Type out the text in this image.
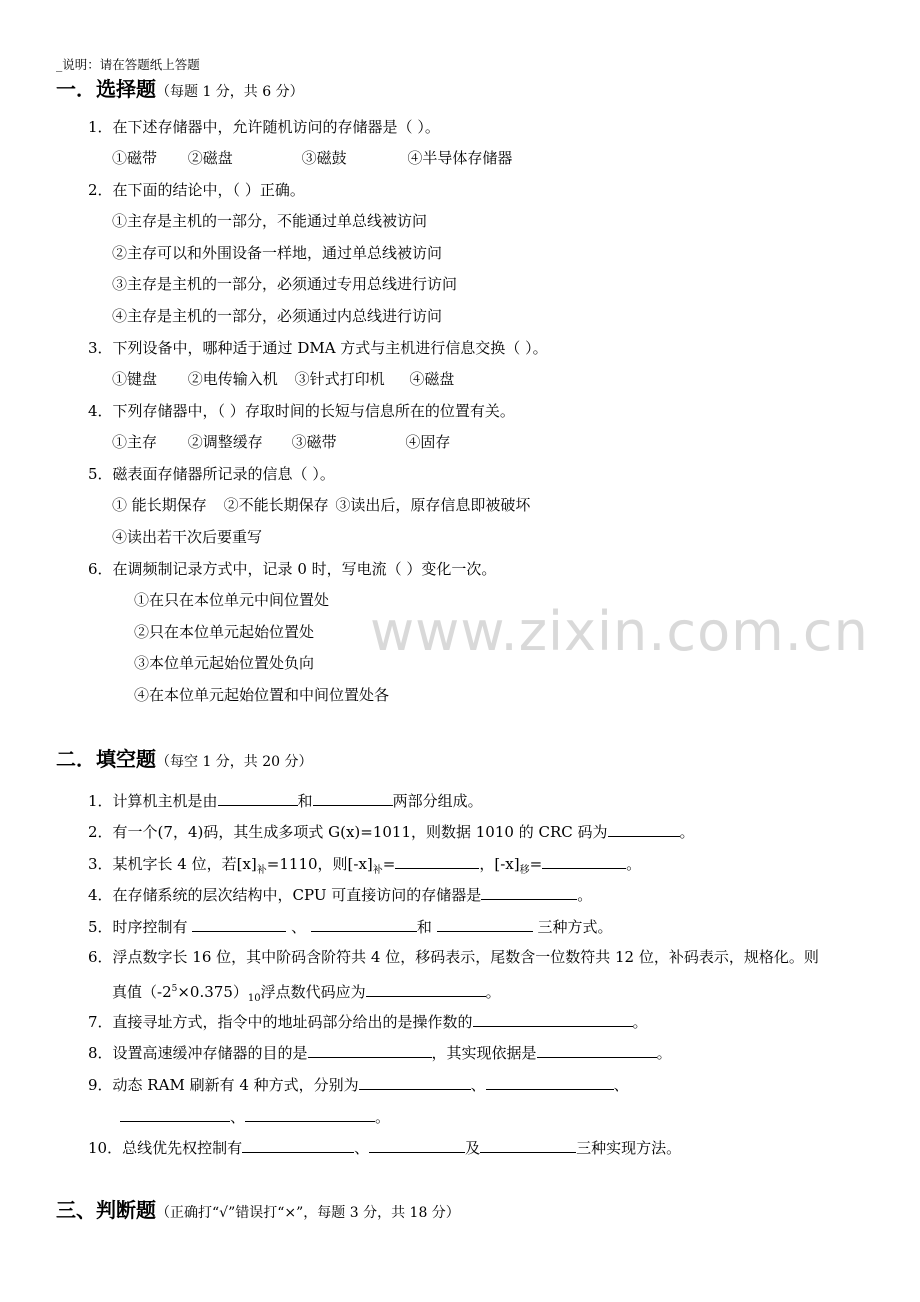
www.zixin.com.cn
_说明：请在答题纸上答题
一．选择题（每题 1 分，共 6 分）
1．在下述存储器中，允许随机访问的存储器是（ ）。
①磁带 ②磁盘	③磁鼓	④半导体存储器
2．在下面的结论中，（ ）正确。
①主存是主机的一部分，不能通过单总线被访问
②主存可以和外围设备一样地，通过单总线被访问
③主存是主机的一部分，必须通过专用总线进行访问
④主存是主机的一部分，必须通过内总线进行访问
3．下列设备中，哪种适于通过 DMA 方式与主机进行信息交换（ ）。
①键盘 ②电传输入机 ③针式打印机 ④磁盘
4．下列存储器中，（ ）存取时间的长短与信息所在的位置有关。
①主存 ②调整缓存 ③磁带	④固存
5．磁表面存储器所记录的信息（ ）。
① 能长期保存 ②不能长期保存 ③读出后，原存信息即被破坏
④读出若干次后要重写
6．在调频制记录方式中，记录 0 时，写电流（ ）变化一次。
①在只在本位单元中间位置处
②只在本位单元起始位置处
③本位单元起始位置处负向
④在本位单元起始位置和中间位置处各
二．填空题（每空 1 分，共 20 分）
1．计算机主机是由	和	两部分组成。
2．有一个(7，4)码，其生成多项式 G(x)=1011，则数据 1010 的 CRC 码为	。
3．某机字长 4 位，若$[x]_补=1110$，则$[-x]_补=$	，$[-x]_移=$	。
4．在存储系统的层次结构中，CPU 可直接访问的存储器是	。
5．时序控制有	、	和	三种方式。
6．浮点数字长 16 位，其中阶码含阶符共 4 位，移码表示，尾数含一位数符共 12 位，补码表示，规格化。则
真值$(-2^5\times 0.375)_{10}$浮点数代码应为	。
7．直接寻址方式，指令中的地址码部分给出的是操作数的	。
8．设置高速缓冲存储器的目的是	，其实现依据是	。
9．动态 RAM 刷新有 4 种方式，分别为	、	、
、	。
10．总线优先权控制有	、	及	三种实现方法。
三、判断题（正确打“√”错误打“×”，每题 3 分，共 18 分）
